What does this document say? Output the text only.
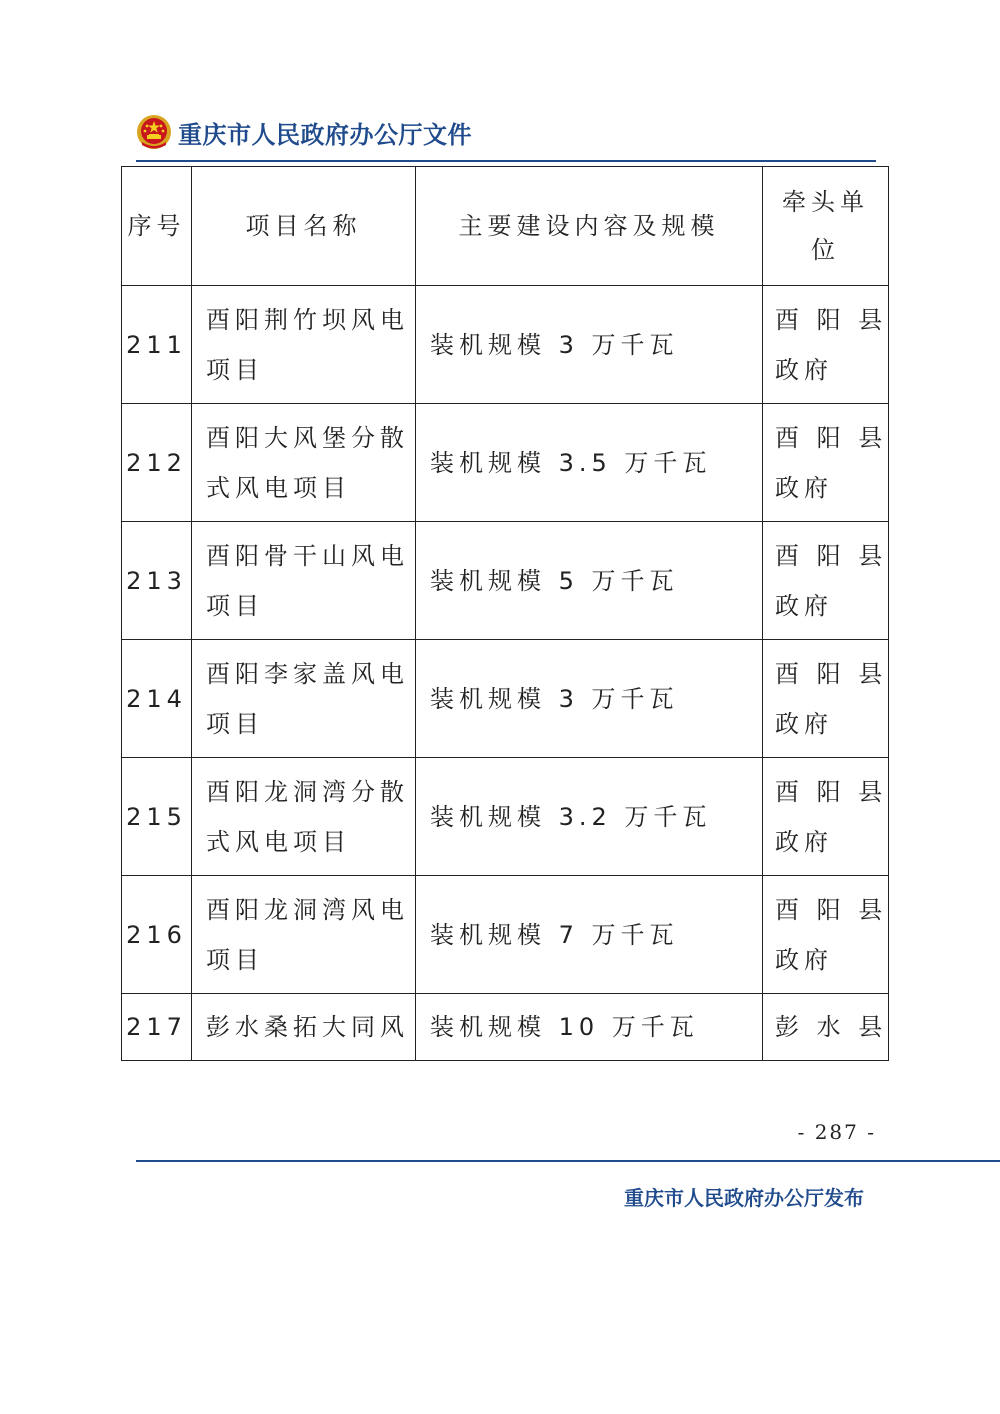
重庆市人民政府办公厅文件
序号	项目名称	主要建设内容及规模	牵头单位
211	酉阳荆竹坝风电项目	装机规模 3 万千瓦	酉 阳 县政府
212	酉阳大风堡分散式风电项目	装机规模 3.5 万千瓦	酉 阳 县政府
213	酉阳骨干山风电项目	装机规模 5 万千瓦	酉 阳 县政府
214	酉阳李家盖风电项目	装机规模 3 万千瓦	酉 阳 县政府
215	酉阳龙洞湾分散式风电项目	装机规模 3.2 万千瓦	酉 阳 县政府
216	酉阳龙洞湾风电项目	装机规模 7 万千瓦	酉 阳 县政府
217	彭水桑拓大同风	装机规模 10 万千瓦	彭 水 县
- 287 -
重庆市人民政府办公厅发布
